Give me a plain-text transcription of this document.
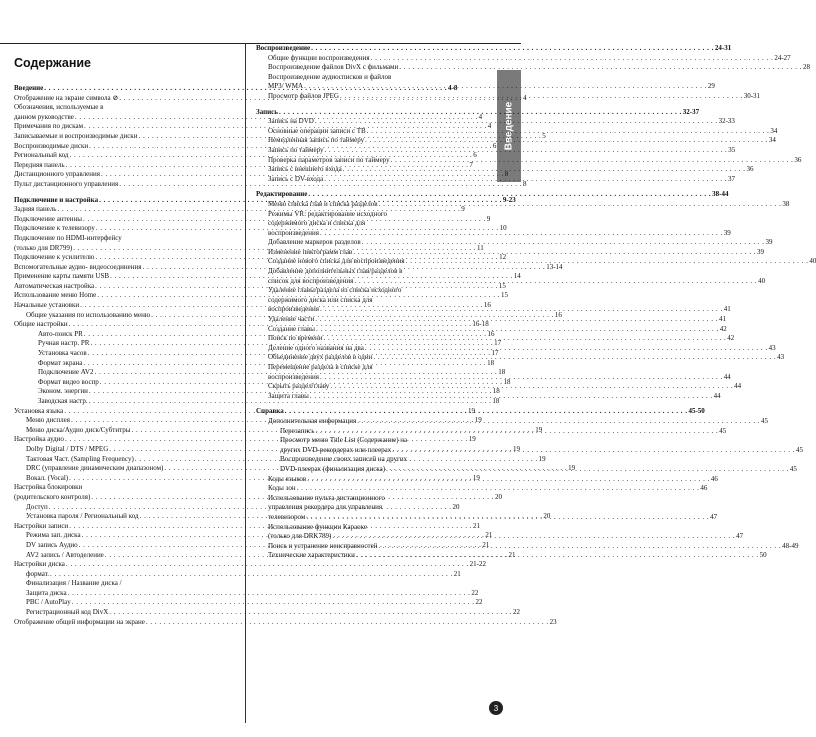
Введение
Содержание
Введение . . .	4-8
Отображение на экране символа ⊘ . . .	4
Обозначения, используемые в
данном руководстве . . .	4
Примечания по дискам . . .	4
Записываемые и воспроизводимые диски . . .	5
Воспроизводимые диски . . .	6
Региональный код . . .	6
Передняя панель . . .	7
Дистанционного управления . . .	8
Пульт дистанционного управления . . .	8
Подключение и настройка . . .	9-23
Задняя панель . . .	9
Подключение антенны . . .	9
Подключение к телевизору . . .	10
Подключение по HDMI-интерфейсу
(только для DR799) . . .	11
Подключение к усилителю . . .	12
Вспомогательные аудио- видеосоединения . . .	13-14
Применение карты памяти USB . . .	14
Автоматическая настройка . . .	15
Использование меню Home . . .	15
Начальные установки . . .	16
Общие указания по использованию меню . . .	16
Общие настройки . . .	16-18
Авто-поиск PR . . .	16
Ручная настр. PR . . .	17
Установка часов . . .	17
Формат экрана . . .	18
Подключение AV2 . . .	18
Формат видео воспр . . .	18
Эконом. энергии . . .	18
Заводская настр. . . .	18
Установка языка . . .	19
Меню дисплея . . .	19
Меню диска/Аудио диск/Субтитры . . .	19
Настройка аудио . . .	19
Dolby Digital / DTS / MPEG . . .	19
Тактовая Част. (Sampling Frequency) . . .	19
DRC (управление динамическим диапазоном) . . .	19
Вокал. (Vocal) . . .	19
Настройка блокировки
(родительского контроля) . . .	20
Доступ . . .	20
Установка пароля / Региональный код . . .	20
Настройки записи . . .	21
Режима зап. диска . . .	21
DV запись Аудио . . .	21
AV2 запись / Автоделение . . .	21
Настройки диска . . .	21-22
формат. . . .	21
Финализация / Название диска /
Защита диска . . .	22
PBC / AutoPlay . . .	22
Регистрационный код DivX . . .	22
Отображение общей информации на экране . . .	23
Воспроизведение . . .	24-31
Общие функции воспроизведения . . .	24-27
Воспроизведение файлов DivX с фильмами . . .	28
Воспроизведение аудиосписков и файлов
MP3/ WMA . . .	29
Просмотр файлов JPEG . . .	30-31
Запись . . .	32-37
Запись на DVD . . .	32-33
Основные операции записи с ТВ . . .	34
Немедленная запись по таймеру . . .	34
Запись по таймеру . . .	35
Проверка параметров записи по таймеру . . .	36
Запись с внешнего входа . . .	36
Запись с DV-входа . . .	37
Редактирование . . .	38-44
Меню списка глав и списка разделов . . .	38
Режимы VR: редактирование исходного
содержимого диска и списка для
воспроизведения . . .	39
Добавление маркеров разделов . . .	39
Изменение пиктограмм глав . . .	39
Создание нового списка для воспроизведения . . .	40
Добавление дополнительных глав/разделов в
список для воспроизведения . . .	40
Удаление главы/раздела из списка исходного
содержимого диска или списка для
воспроизведения . . .	41
Удаление части . . .	41
Создание главы . . .	42
Поиск по времени . . .	42
Деление одного названия на два . . .	43
Объединение двух разделов в один . . .	43
Перемещение раздела в списке для
воспроизведения . . .	44
Скрыть раздел/главу . . .	44
Защита главы . . .	44
Справка . . .	45-50
Дополнительная информация . . .	45
Перезапись . . .	45
Просмотр меню Title List (Содержание) на
других DVD-рекордерах или плеерах . . .	45
Воспроизведение своих записей на других
DVD-плеерах (финализация диска) . . .	45
Коды языков . . .	46
Коды зон . . .	46
Использование пульта дистанционного
управления рекордера для управления
телевизором . . .	47
Использование функции Караоке
(только для DRK789) . . .	47
Поиск и устранение неисправностей . . .	48-49
Технические характеристики . . .	50
3
